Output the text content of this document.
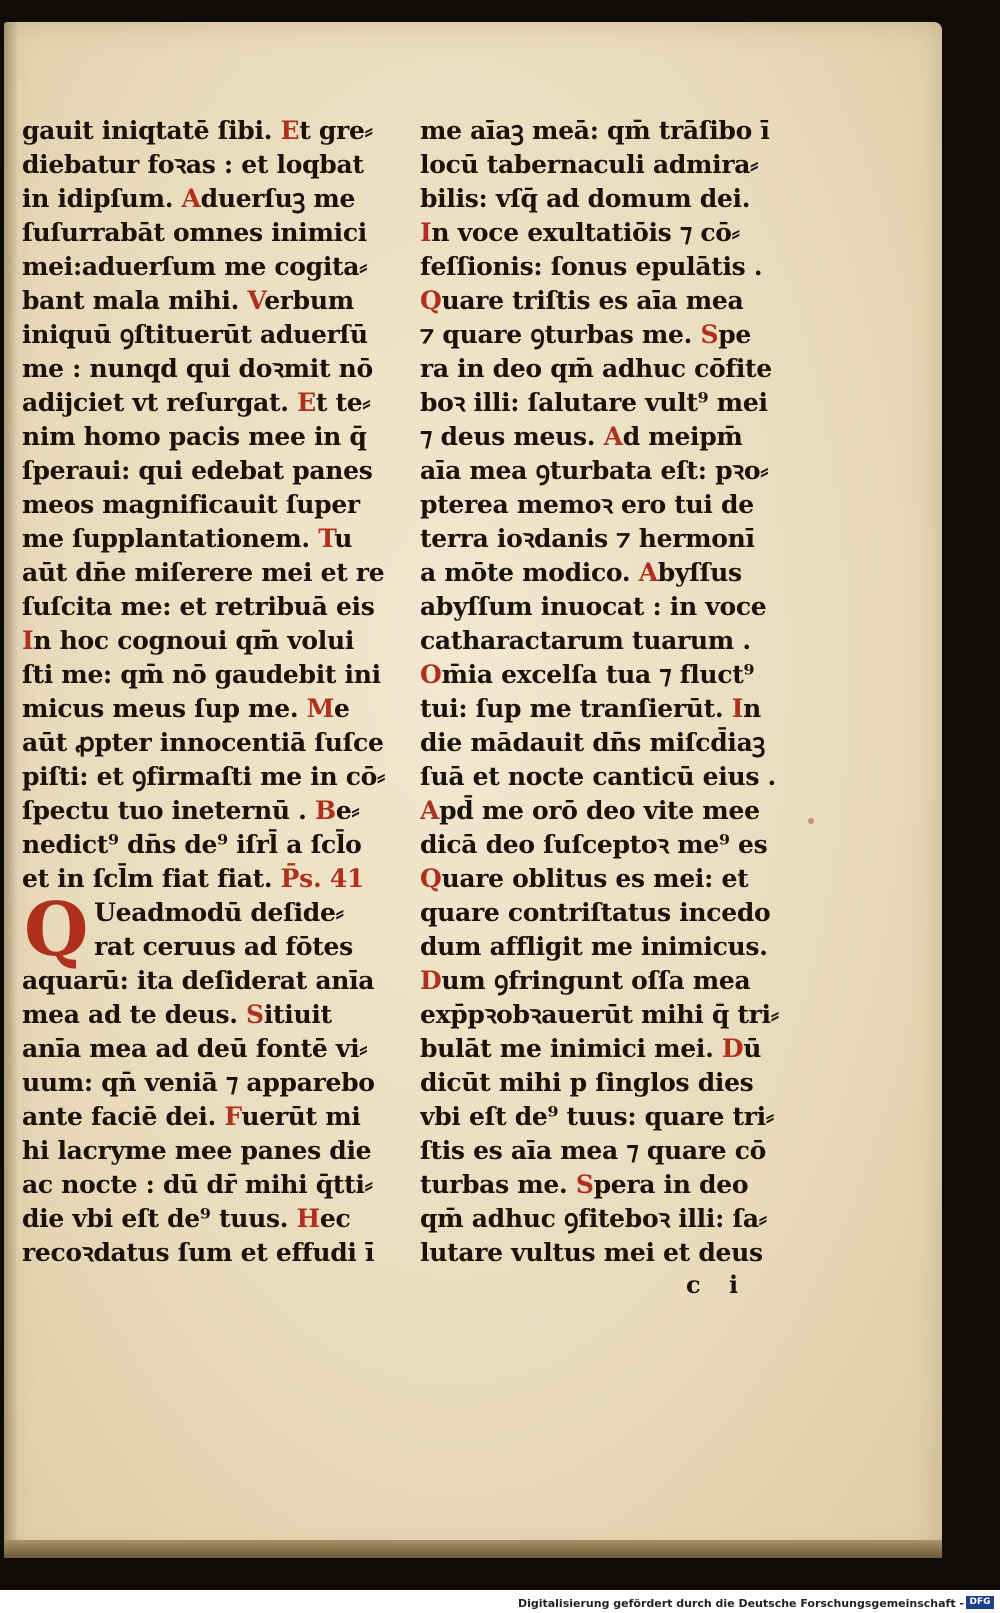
gauit iniqtatē ſibi. Et gre⸗
diebatur foꝛas : et loqbat
in idipſum. Aduerſuꝫ me
ſuſurrabāt omnes inimici
mei:aduerſum me cogita⸗
bant mala mihi. Verbum
iniquū ꝯſtituerūt aduerſū
me : nunqd qui doꝛmit nō
adijciet vt reſurgat. Et te⸗
nim homo pacis mee in q̄
ſperaui: qui edebat panes
meos magnificauit ſuper
me ſupplantationem. Tu
aūt dn̄e miſerere mei et re
ſuſcita me: et retribuā eis
In hoc cognoui qm̄ volui
ſti me: qm̄ nō gaudebit ini
micus meus ſup me. Me
aūt ꝓpter innocentiā ſuſce
piſti: et ꝯfirmaſti me in cō⸗
ſpectu tuo ineternū . Be⸗
nedict⁹ dn̄s de⁹ iſrl̄ a ſcl̄o
et in ſcl̄m fiat fiat. P̄s. 41
Q Ueadmodū deſide⸗
rat ceruus ad fōtes
aquarū: ita deſiderat anīa
mea ad te deus. Sitiuit
anīa mea ad deū fontē vi⸗
uum: qn̄ veniā ⁊ apparebo
ante faciē dei. Fuerūt mi
hi lacryme mee panes die
ac nocte : dū dr̄ mihi q̄tti⸗
die vbi eſt de⁹ tuus. Hec
recoꝛdatus ſum et effudi ī
me aīaꝫ meā: qm̄ trāſibo ī
locū tabernaculi admira⸗
bilis: vſq̄ ad domum dei.
In voce exultatiōis ⁊ cō⸗
feſſionis: ſonus epulātis .
Quare triſtis es aīa mea
⁊ quare ꝯturbas me. Spe
ra in deo qm̄ adhuc cōfite
boꝛ illi: ſalutare vult⁹ mei
⁊ deus meus. Ad meipm̄
aīa mea ꝯturbata eſt: pꝛo⸗
pterea memoꝛ ero tui de
terra ioꝛdanis ⁊ hermonī
a mōte modico. Abyſſus
abyſſum inuocat : in voce
catharactarum tuarum .
Om̄ia excelſa tua ⁊ fluct⁹
tui: ſup me tranſierūt. In
die mādauit dn̄s miſcd̄iaꝫ
ſuā et nocte canticū eius .
Apd̄ me orō deo vite mee
dicā deo ſuſceptoꝛ me⁹ es
Quare oblitus es mei: et
quare contriſtatus incedo
dum affligit me inimicus.
Dum ꝯfringunt oſſa mea
exp̄pꝛobꝛauerūt mihi q̄ tri⸗
bulāt me inimici mei. Dū
dicūt mihi p ſinglos dies
vbi eſt de⁹ tuus: quare tri⸗
ſtis es aīa mea ⁊ quare cō
turbas me. Spera in deo
qm̄ adhuc ꝯfiteboꝛ illi: ſa⸗
lutare vultus mei et deus
c i
Digitalisierung gefördert durch die Deutsche Forschungsgemeinschaft - DFG
